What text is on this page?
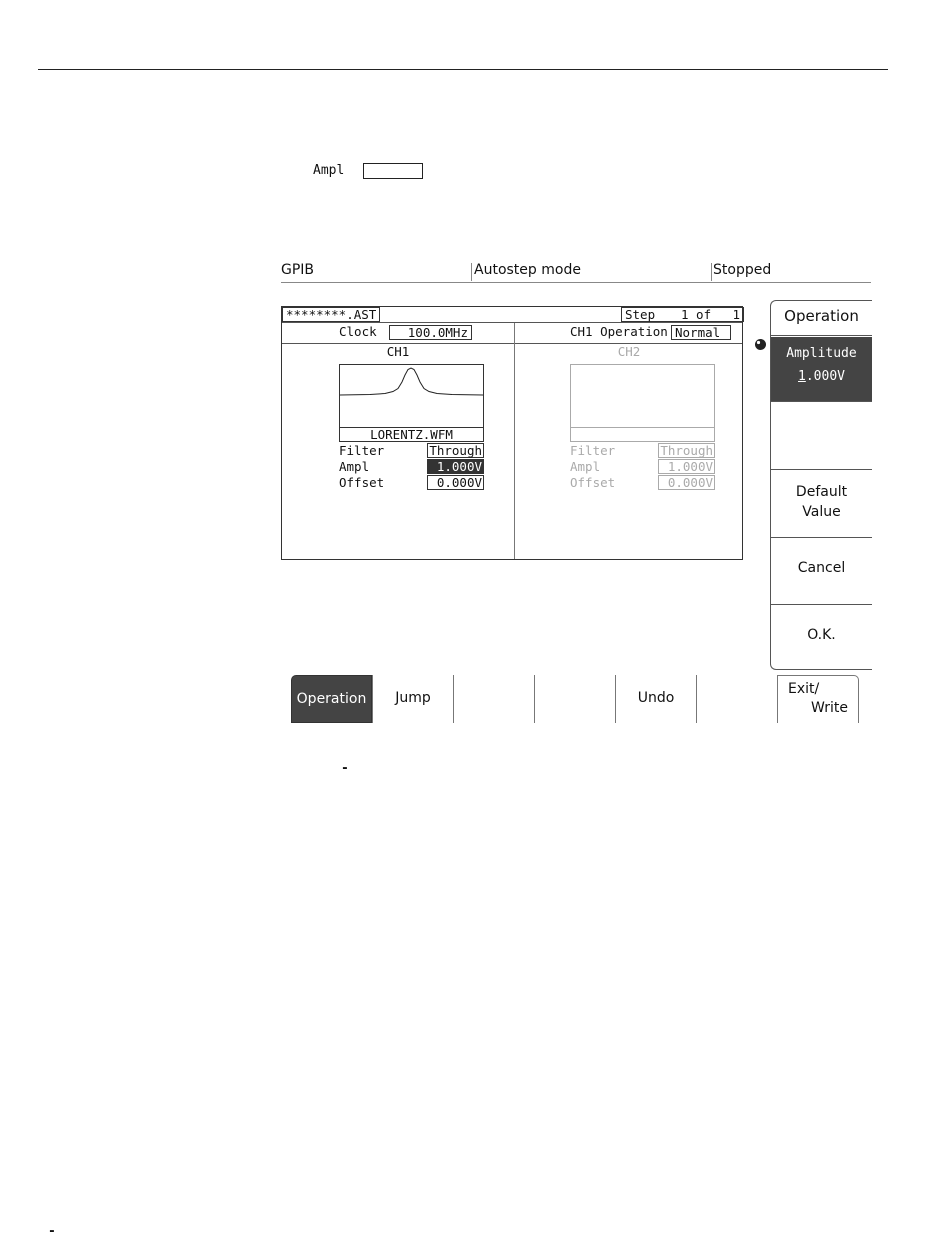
Ampl
GPIB	Autostep mode	Stopped
********.AST	Step 1 of 1
Clock	100.0MHz	CH1 Operation Normal
CH1
LORENTZ.WFM
Filter	Through
Ampl	1.000V
Offset	0.000V
CH2
Filter	Through
Ampl	1.000V
Offset	0.000V
Operation
Amplitude
1.000V
Default
Value
Cancel
O.K.
Operation	Jump	Undo
Exit/
Write
-
-
